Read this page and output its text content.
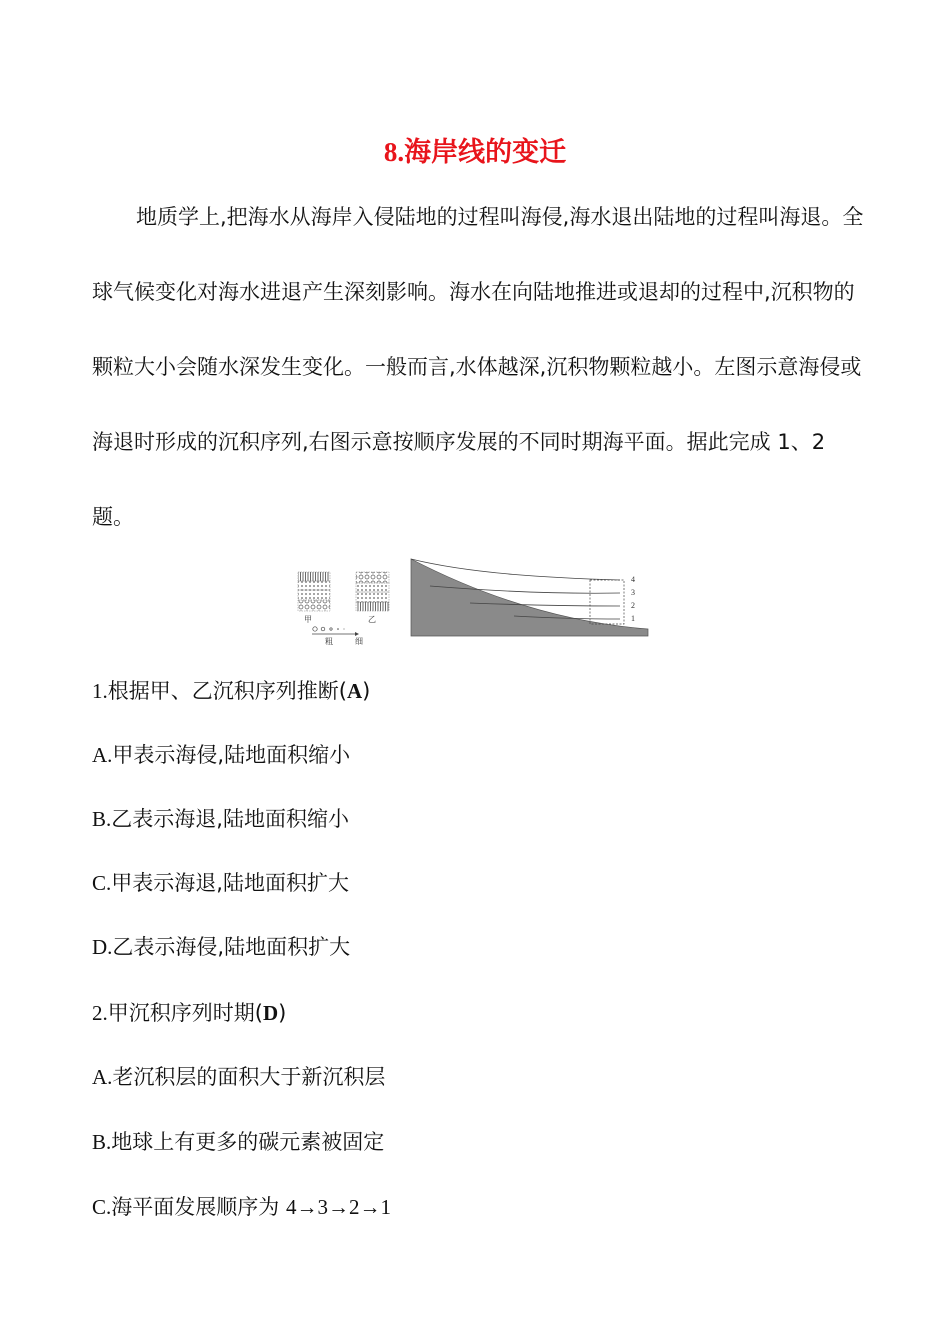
8.海岸线的变迁

地质学上,把海水从海岸入侵陆地的过程叫海侵,海水退出陆地的过程叫海退。全球气候变化对海水进退产生深刻影响。海水在向陆地推进或退却的过程中,沉积物的颗粒大小会随水深发生变化。一般而言,水体越深,沉积物颗粒越小。左图示意海侵或海退时形成的沉积序列,右图示意按顺序发展的不同时期海平面。据此完成 1、2 题。

甲	乙
粗	细
4
3
2
1
1.根据甲、乙沉积序列推断(A)
A.甲表示海侵,陆地面积缩小
B.乙表示海退,陆地面积缩小
C.甲表示海退,陆地面积扩大
D.乙表示海侵,陆地面积扩大
2.甲沉积序列时期(D)
A.老沉积层的面积大于新沉积层
B.地球上有更多的碳元素被固定
C.海平面发展顺序为 4→3→2→1
